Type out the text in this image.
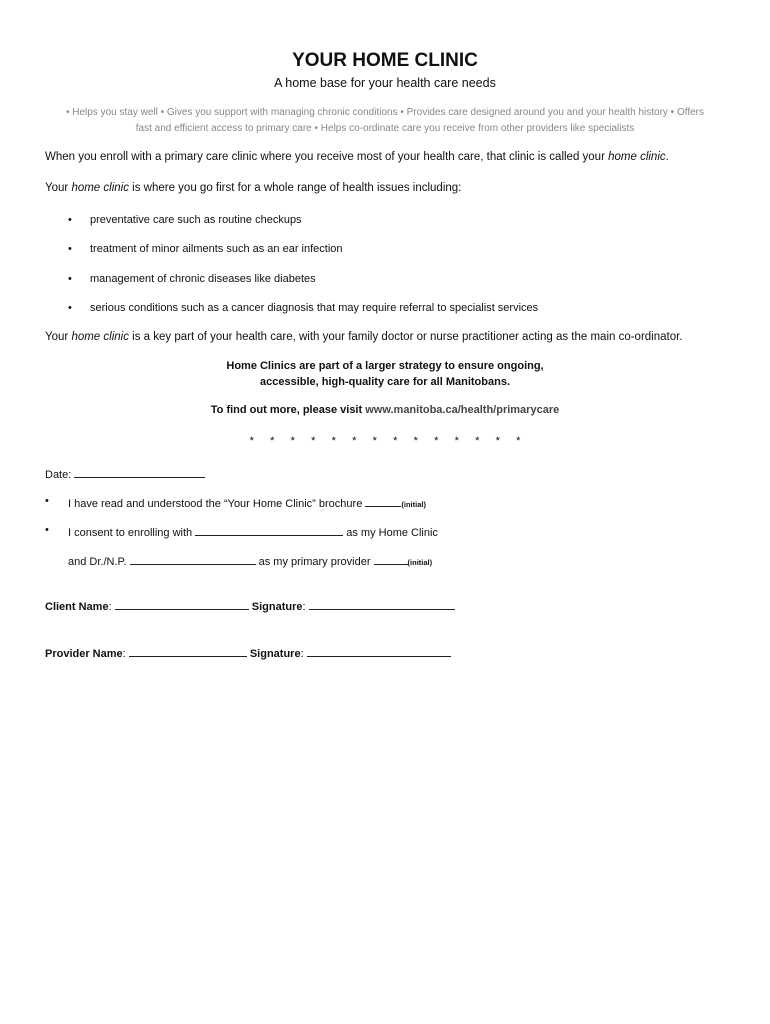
YOUR HOME CLINIC
A home base for your health care needs
• Helps you stay well • Gives you support with managing chronic conditions • Provides care designed around you and your health history • Offers
fast and efficient access to primary care • Helps co-ordinate care you receive from other providers like specialists
When you enroll with a primary care clinic where you receive most of your health care, that clinic is called your home clinic.
Your home clinic is where you go first for a whole range of health issues including:
• preventative care such as routine checkups
• treatment of minor ailments such as an ear infection
• management of chronic diseases like diabetes
• serious conditions such as a cancer diagnosis that may require referral to specialist services
Your home clinic is a key part of your health care, with your family doctor or nurse practitioner acting as the main co-ordinator.
Home Clinics are part of a larger strategy to ensure ongoing,
accessible, high-quality care for all Manitobans.
To find out more, please visit www.manitoba.ca/health/primarycare
* * * * * * * * * * * * * *
Date:
• I have read and understood the “Your Home Clinic” brochure	(initial)
• I consent to enrolling with	as my Home Clinic
and Dr./N.P.	as my primary provider	(initial)
Client Name:	Signature:
Provider Name:	Signature:
